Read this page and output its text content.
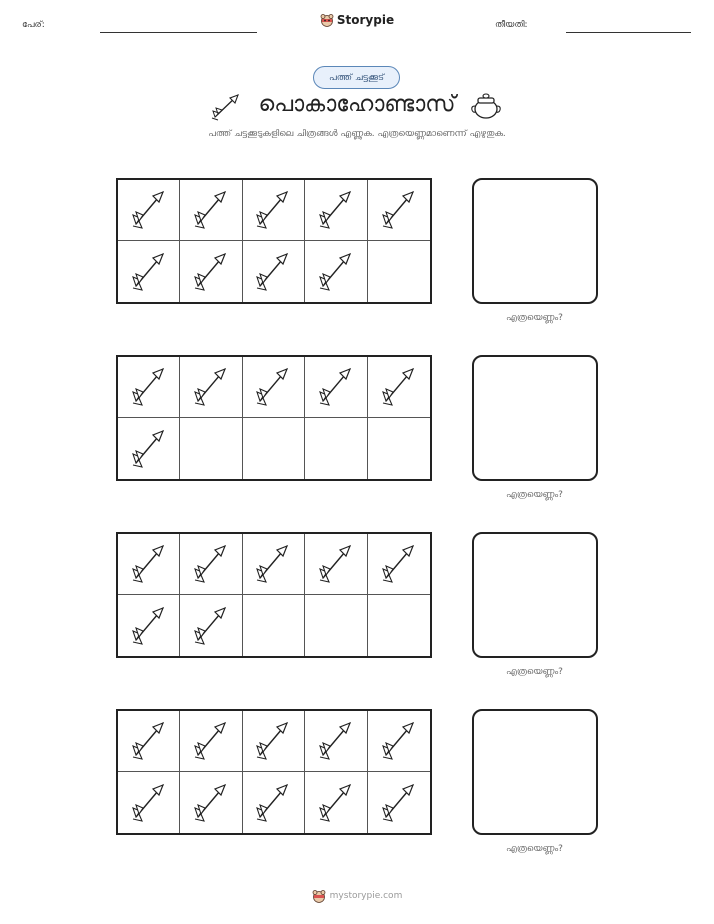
പേര്:	Storypie	തീയതി:
പത്ത് ചട്ടക്കൂട്
പൊകാഹോണ്ടാസ്
പത്ത് ചട്ടക്കൂടുകളിലെ ചിത്രങ്ങൾ എണ്ണുക. എത്രയെണ്ണമാണെന്ന് എഴുതുക.
എത്രയെണ്ണം?
എത്രയെണ്ണം?
എത്രയെണ്ണം?
എത്രയെണ്ണം?
mystorypie.com
